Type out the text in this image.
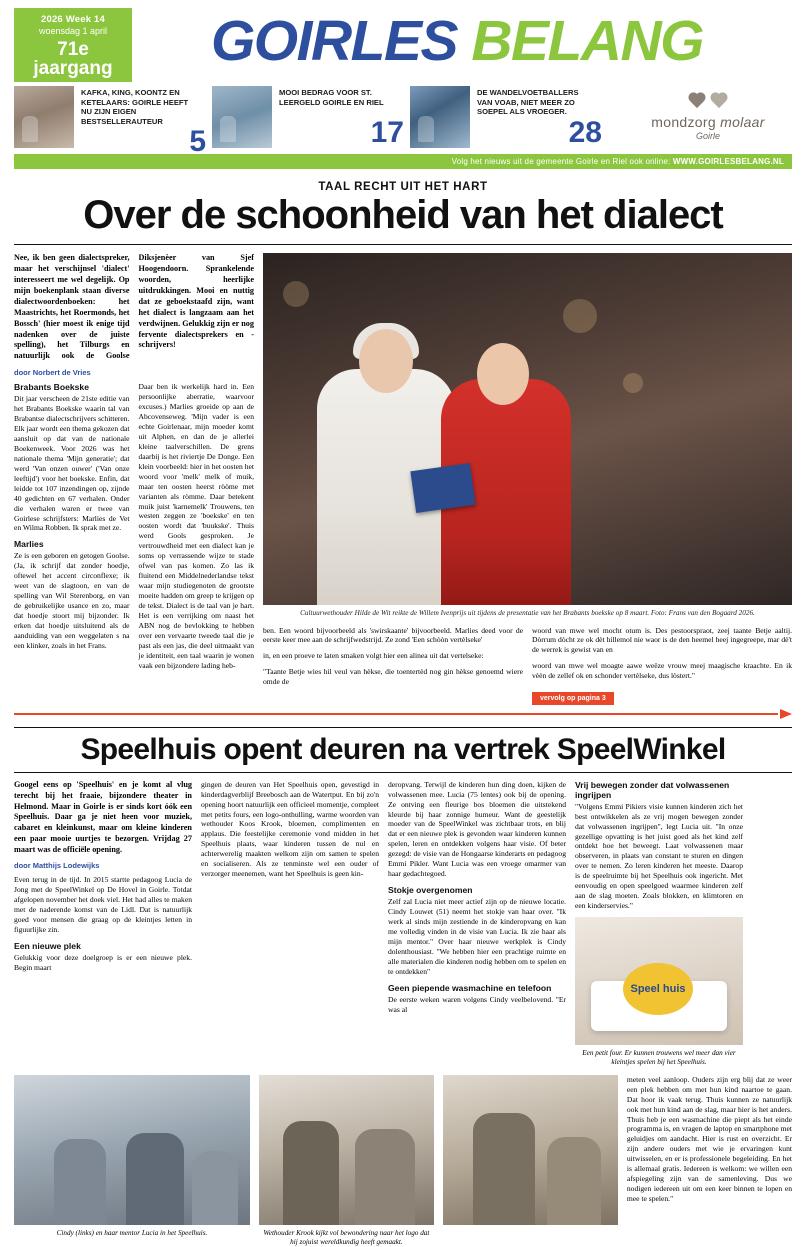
2026 Week 14
woensdag 1 april
71e jaargang	GOIRLES BELANG
KAFKA, KING, KOONTZ EN KETELAARS: GOIRLE HEEFT NU ZIJN EIGEN BESTSELLERAUTEUR
5
MOOI BEDRAG VOOR ST. LEERGELD GOIRLE EN RIEL
17
DE WANDELVOETBALLERS VAN VOAB, NIET MEER ZO SOEPEL ALS VROEGER.
28	mondzorg molaar
Goirle
Volg het nieuws uit de gemeente Goirle en Riel ook online: WWW.GOIRLESBELANG.NL
TAAL RECHT UIT HET HART
Over de schoonheid van het dialect
Nee, ik ben geen dialectspreker, maar het verschijnsel 'dialect' interesseert me wel degelijk. Op mijn boekenplank staan diverse dialectwoordenboeken: het Maastrichts, het Roermonds, het Bossch' (hier moest ik enige tijd nadenken over de juiste spelling), het Tilburgs en natuurlijk ook de Goolse Diksjenèer van Sjef Hoogendoorn. Sprankelende woorden, heerlijke uitdrukkingen. Mooi en nuttig dat ze geboekstaafd zijn, want het dialect is langzaam aan het verdwijnen. Gelukkig zijn er nog fervente dialectsprekers en -schrijvers!
door Norbert de Vries
Brabants Boekske

Dit jaar verscheen de 21ste editie van het Brabants Boekske waarin tal van Brabantse dialectschrijvers schitteren. Elk jaar wordt een thema gekozen dat aansluit op dat van de nationale Boekenweek. Voor 2026 was het nationale thema 'Mijn generatie'; dat werd 'Van onzen ouwer' ('Van onze leeftijd') voor het boekske. Enfin, dat leidde tot 107 inzendingen op, zijnde 40 gedichten en 67 verhalen. Onder die verhalen waren er twee van Goirlese schrijfsters: Marlies de Vet en Wilma Robben. Ik sprak met ze.

Marlies

Ze is een geboren en getogen Goolse. (Ja, ik schrijf dat zonder hoedje, oftewel het accent circonflexe; ik weet van de slagtoon, en van de spelling van Wil Sterenborg, en van de gebruikelijke usance en zo, maar dat hoedje stoort mij bijzonder. Ik erken dat hoedje uitsluitend als de aanduiding van een weggelaten s na een klinker, zoals in het Frans.

Daar ben ik werkelijk hard in. Een persoonlijke aberratie, waarvoor excuses.) Marlies groeide op aan de Abcovenseweg. 'Mijn vader is een echte Goirlenaar, mijn moeder komt uit Alphen, en dan de je allerlei kleine taalverschillen. De grens daarbij is het riviertje De Donge. Een klein voorbeeld: hier in het oosten het woord voor 'melk' melk of muik, maar ten oosten heerst ròòme met varianten als ròmme. Daar betekent muik juist 'karnemelk' Trouwens, ten westen zeggen ze 'boekske' en ten oosten wordt dat 'buukske'. Thuis werd Gools gesproken. Je vertrouwdheid met een dialect kan je soms op verrassende wijze te stade ofwel van pas komen. Zo las ik fluitend een Middelnederlandse tekst waar mijn studiegenoten de grootste moeite hadden om greep te krijgen op de tekst. Dialect is de taal van je hart. Het is een verrijking om naast het ABN nog de bevlokking te hebben over een vervaarte tweede taal die je past als een jas, die deel uitmaakt van je identiteit, een taal waarin je wonen vaak een bijzondere lading heb-

Cultuurwethouder Hilde de Wit reikte de Willem Ivenprijs uit tijdens de presentatie van het Brabants boekske op 8 maart. Foto: Frans van den Bogaard 2026.

ben. Een woord bijvoorbeeld als 'swirskaante' bijvoorbeeld. Marlies deed voor de eerste keer mee aan de schrijfwedstrijd. Ze zond 'Een schòòn vertèlseke'

in, en een proeve te laten smaken volgt hier een alinea uit dat vertelseke:

"Taante Betje wies hil veul van hèkse, die toentertèd nog gin hèkse genoemd wiere omde de

woord van mwe wel mocht otum is. Des pestoorspraot, zeej taante Betje aaltij. Dòrrum dòcht ze ok dèt hillemol nie waor is de den heemel heej ingegreepe, mar dè't de werrek is gewist van en

woord van mwe wel moagte aawe weëze vrouw meej maagische kraachte. En ik vèèn de zellef ok en schonder vertèlseke, dus lòstert."

vervolg op pagina 3
Speelhuis opent deuren na vertrek SpeelWinkel
Googel eens op 'Speelhuis' en je komt al vlug terecht bij het fraaie, bijzondere theater in Helmond. Maar in Goirle is er sinds kort óók een Speelhuis. Daar ga je niet heen voor muziek, cabaret en kleinkunst, maar om kleine kinderen een paar mooie uurtjes te bezorgen. Vrijdag 27 maart was de officiële opening.
door Matthijs Lodewijks

Even terug in de tijd. In 2015 startte pedagoog Lucia de Jong met de SpeelWinkel op De Hovel in Goirle. Totdat afgelopen november het doek viel. Het had alles te maken met de naderende komst van de Lidl. Dat is natuurlijk goed voor mensen die graag op de kleintjes letten in figuurlijke zin.

Een nieuwe plek

Gelukkig voor deze doelgroep is er een nieuwe plek. Begin maart

gingen de deuren van Het Speelhuis open, gevestigd in kinderdagverblijf Breebosch aan de Watertput. En bij zo'n opening hoort natuurlijk een officieel momentje, compleet met petits fours, een logo-onthulling, warme woorden van wethouder Koos Krook, bloemen, complimenten en applaus. Die feestelijke ceremonie vond midden in het Speelhuis plaats, waar kinderen tussen de nul en achterwerelig maakten welkom zijn om samen te spelen en socialiseren. Als ze tenminste wel een ouder of verzorger meenemen, want het Speelhuis is geen kin-

deropvang. Terwijl de kinderen hun ding doen, kijken de volwassenen mee. Lucia (75 lentes) ook bij de opening. Ze ontving een fleurige bos bloemen die uitstekend kleurde bij haar zonnige humeur. Want de geestelijk moeder van de SpeelWinkel was zichtbaar trots, en blij dat er een nieuwe plek is gevonden waar kinderen kunnen spelen, leren en ontdekken volgens haar visie. Of beter gezegd: de visie van de Hongaarse kinderarts en pedagoog Emmi Pikler. Want Lucia was een vroege omarmer van haar gedachtegoed.

Stokje overgenomen

Zelf zal Lucia niet meer actief zijn op de nieuwe locatie. Cindy Louwet (51) neemt het stokje van haar over. "Ik werk al sinds mijn zestiende in de kinderopvang en kan me volledig vinden in de visie van Lucia. Ik zie haar als mijn mentor." Over haar nieuwe werkplek is Cindy dolenthousiast. "We hebben hier een prachtige ruimte en alle materialen die kinderen nodig hebben om te spelen en te ontdekken"

Geen piepende wasmachine en telefoon

De eerste weken waren volgens Cindy veelbelovend. "Er was al

Vrij bewegen zonder dat volwassenen ingrijpen

"Volgens Emmi Pikiers visie kunnen kinderen zich het best ontwikkelen als ze vrij mogen bewegen zonder dat volwassenen ingrijpen", legt Lucia uit. "In onze gezellige opvatting is het juist goed als het kind zelf ontdekt hoe het beweegt. Laat volwassenen maar observeren, in plaats van constant te sturen en dingen over te nemen. Zo leren kinderen het meeste. Daarop is de speelruimte bij het Speelhuis ook ingericht. Met eenvoudig en open speelgoed waarmee kinderen zelf aan de slag moeten. Zoals blokken, en klimtoren en een kinderservies."

Speel huis
Een petit four. Er kunnen trouwens wel meer dan vier kleintjes spelen bij het Speelhuis.
Cindy (links) en haar mentor Lucia in het Speelhuis.	Wethouder Krook kijkt vol bewondering naar het logo dat hij zojuist wereldkundig heeft gemaakt.

meten veel aanloop. Ouders zijn erg blij dat ze weer een plek hebben om met hun kind naartoe te gaan. Dat hoor ik vaak terug. Thuis kunnen ze natuurlijk ook met hun kind aan de slag, maar hier is het anders. Thuis heb je een wasmachine die piept als het einde programma is, en vragen de laptop en smartphone met geluidjes om aandacht. Hier is rust en overzicht. Er zijn andere ouders met wie je ervaringen kunt uitwisselen, en er is professionele begeleiding. En het is allemaal gratis. Iedereen is welkom: we willen een afspiegeling zijn van de samenleving. Dus we nodigen iedereen uit om een keer binnen te lopen en mee te spelen."
